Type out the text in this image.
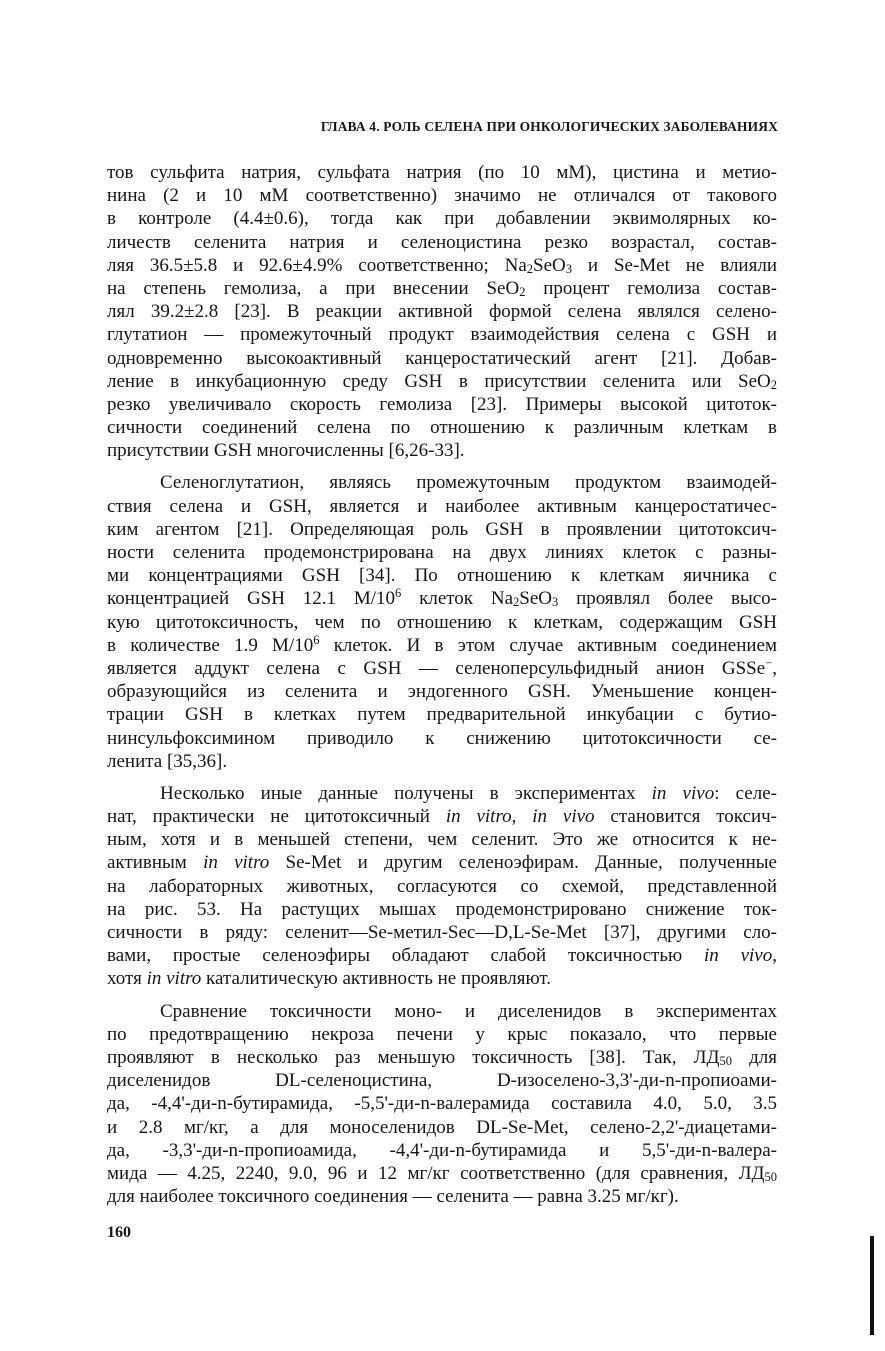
ГЛАВА 4. РОЛЬ СЕЛЕНА ПРИ ОНКОЛОГИЧЕСКИХ ЗАБОЛЕВАНИЯХ
тов сульфита натрия, сульфата натрия (по 10 мМ), цистина и метио-
нина (2 и 10 мМ соответственно) значимо не отличался от такового
в контроле (4.4±0.6), тогда как при добавлении эквимолярных ко-
личеств селенита натрия и селеноцистина резко возрастал, состав-
ляя 36.5±5.8 и 92.6±4.9% соответственно; $Na_2SeO_3$ и Se-Met не влияли
на степень гемолиза, а при внесении SeO$_2$ процент гемолиза состав-
лял 39.2±2.8 [23]. В реакции активной формой селена являлся селено-
глутатион — промежуточный продукт взаимодействия селена с GSH и
одновременно высокоактивный канцеростатический агент [21]. Добав-
ление в инкубационную среду GSH в присутствии селенита или SeO$_2$
резко увеличивало скорость гемолиза [23]. Примеры высокой цитоток-
сичности соединений селена по отношению к различным клеткам в
присутствии GSH многочисленны [6,26-33].
Селеноглутатион, являясь промежуточным продуктом взаимодей-
ствия селена и GSH, является и наиболее активным канцеростатичес-
ким агентом [21]. Определяющая роль GSH в проявлении цитотоксич-
ности селенита продемонстрирована на двух линиях клеток с разны-
ми концентрациями GSH [34]. По отношению к клеткам яичника с
концентрацией GSH 12.1 $М/10^6$ клеток $Na_2SeO_3$ проявлял более высо-
кую цитотоксичность, чем по отношению к клеткам, содержащим GSH
в количестве 1.9 $М/10^6$ клеток. И в этом случае активным соединением
является аддукт селена с GSH — селеноперсульфидный анион GSSe−,
образующийся из селенита и эндогенного GSH. Уменьшение концен-
трации GSH в клетках путем предварительной инкубации с бутио-
нинсульфоксимином приводило к снижению цитотоксичности се-
ленита [35,36].
Несколько иные данные получены в экспериментах in vivo: селе-
нат, практически не цитотоксичный in vitro, in vivo становится токсич-
ным, хотя и в меньшей степени, чем селенит. Это же относится к не-
активным in vitro Se-Met и другим селеноэфирам. Данные, полученные
на лабораторных животных, согласуются со схемой, представленной
на рис. 53. На растущих мышах продемонстрировано снижение ток-
сичности в ряду: селенит—Se-метил-Sec—D,L-Se-Met [37], другими сло-
вами, простые селеноэфиры обладают слабой токсичностью in vivo,
хотя in vitro каталитическую активность не проявляют.
Сравнение токсичности моно- и диселенидов в экспериментах
по предотвращению некроза печени у крыс показало, что первые
проявляют в несколько раз меньшую токсичность [38]. Так, $ЛД_{50}$ для
диселенидов DL-селеноцистина, D-изоселено-3,3'-ди-n-пропиоами-
да, -4,4'-ди-n-бутирамида, -5,5'-ди-n-валерамида составила 4.0, 5.0, 3.5
и 2.8 мг/кг, а для моноселенидов DL-Se-Met, селено-2,2'-диацетами-
да, -3,3'-ди-n-пропиоамида, -4,4'-ди-n-бутирамида и 5,5'-ди-n-валера-
мида — 4.25, 2240, 9.0, 96 и 12 мг/кг соответственно (для сравнения, $ЛД_{50}$
для наиболее токсичного соединения — селенита — равна 3.25 мг/кг).
160
